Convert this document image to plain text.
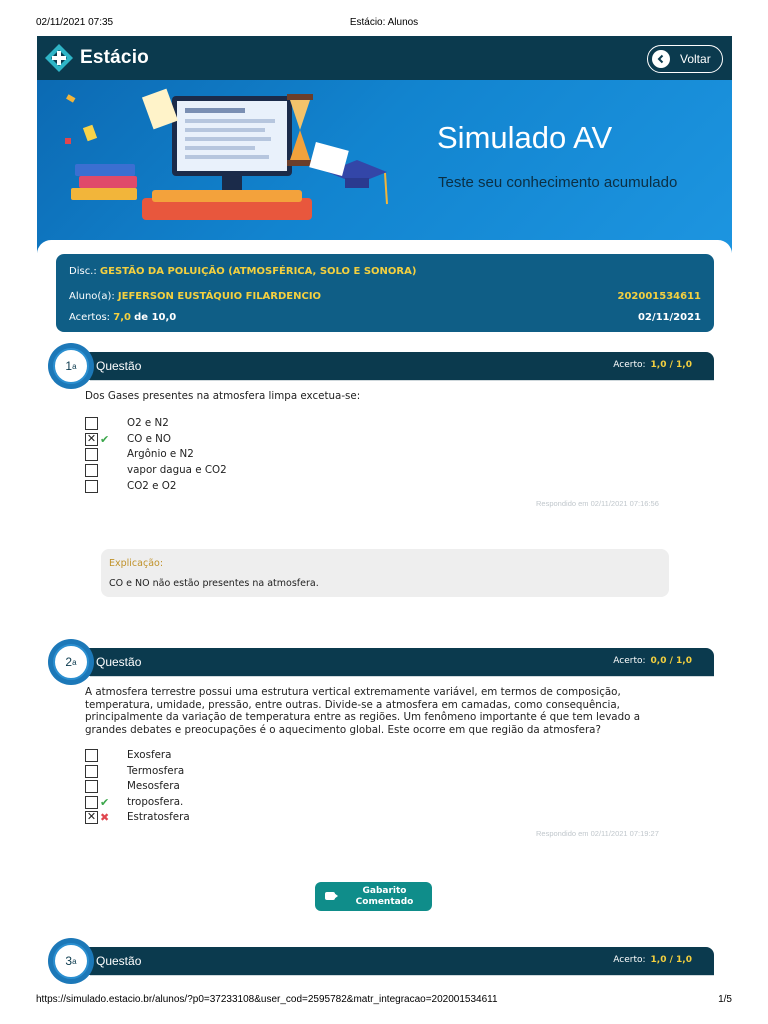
02/11/2021 07:35	Estácio: Alunos
Estácio	Voltar
Simulado AV
Teste seu conhecimento acumulado
Disc.: GESTÃO DA POLUIÇÃO (ATMOSFÉRICA, SOLO E SONORA)
Aluno(a): JEFERSON EUSTÁQUIO FILARDENCIO	202001534611
Acertos: 7,0 de 10,0	02/11/2021
Questão	Acerto: 1,0 / 1,0
1 a
Dos Gases presentes na atmosfera limpa excetua-se:
O2 e N2
✕ ✔ CO e NO
Argônio e N2
vapor dagua e CO2
CO2 e O2
Respondido em 02/11/2021 07:16:56
Explicação:
CO e NO não estão presentes na atmosfera.
Questão	Acerto: 0,0 / 1,0
2 a
A atmosfera terrestre possui uma estrutura vertical extremamente variável, em termos de composição,
temperatura, umidade, pressão, entre outras. Divide-se a atmosfera em camadas, como consequência,
principalmente da variação de temperatura entre as regiões. Um fenômeno importante é que tem levado a
grandes debates e preocupações é o aquecimento global. Este ocorre em que região da atmosfera?
Exosfera
Termosfera
Mesosfera
✔ troposfera.
✕ ✖ Estratosfera
Respondido em 02/11/2021 07:19:27
Gabarito
Comentado
Questão	Acerto: 1,0 / 1,0
3 a
https://simulado.estacio.br/alunos/?p0=37233108&user_cod=2595782&matr_integracao=202001534611	1/5
